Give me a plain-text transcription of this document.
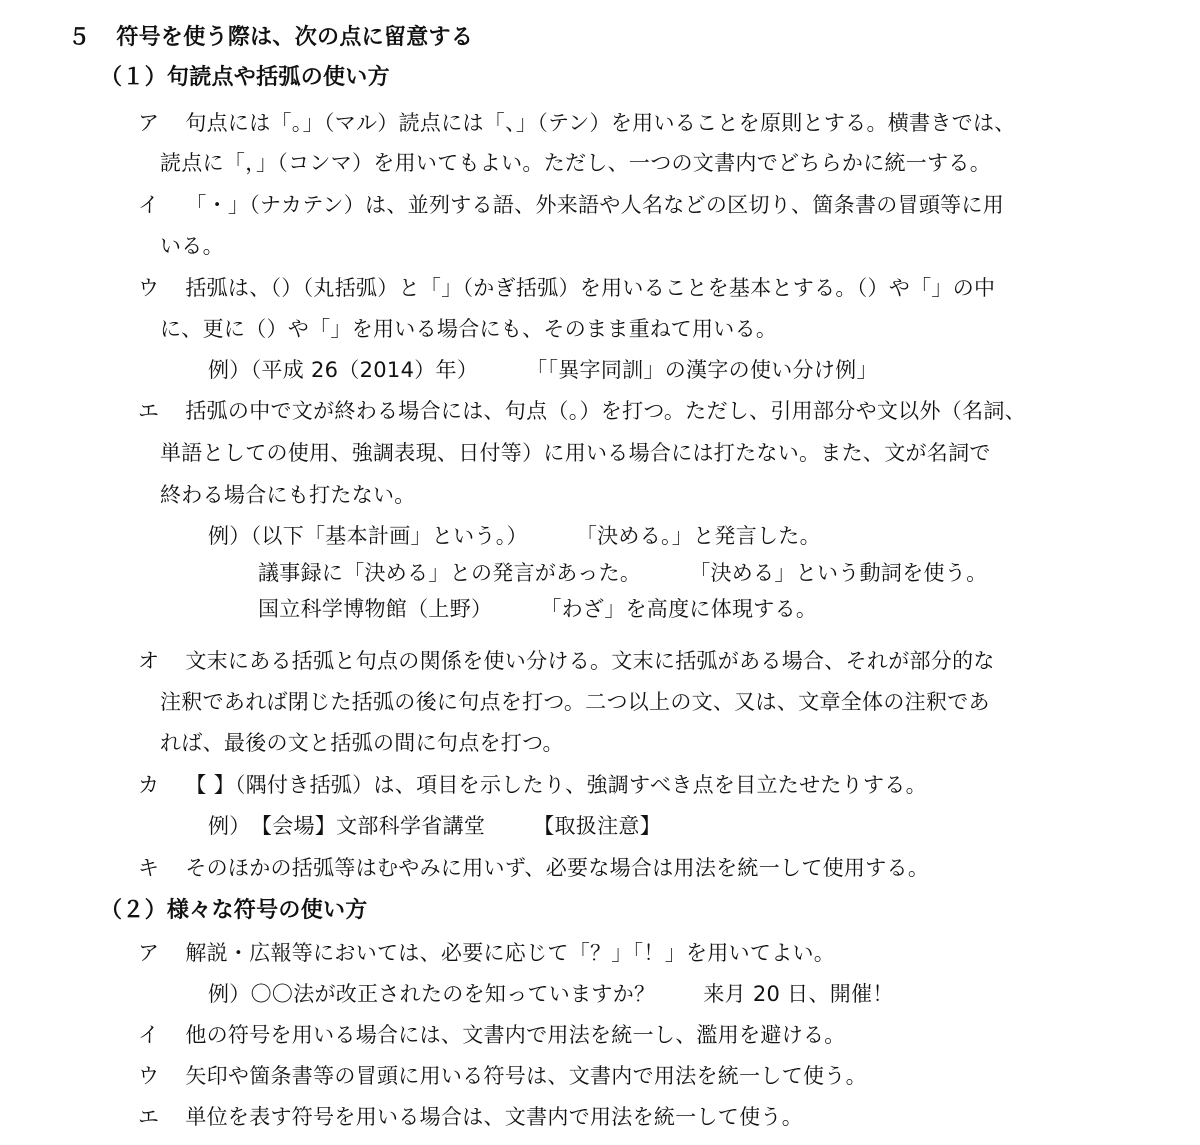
５ 符号を使う際は、次の点に留意する
（１）句読点や括弧の使い方
ア 句点には「。」（マル）読点には「、」（テン）を用いることを原則とする。横書きでは、
読点に「，」（コンマ）を用いてもよい。ただし、一つの文書内でどちらかに統一する。
イ 「・」（ナカテン）は、並列する語、外来語や人名などの区切り、箇条書の冒頭等に用
いる。
ウ 括弧は、（）（丸括弧）と「」（かぎ括弧）を用いることを基本とする。（）や「」の中
に、更に（）や「」を用いる場合にも、そのまま重ねて用いる。
例）（平成 26（2014）年） 「「異字同訓」の漢字の使い分け例」
エ 括弧の中で文が終わる場合には、句点（。）を打つ。ただし、引用部分や文以外（名詞、
単語としての使用、強調表現、日付等）に用いる場合には打たない。また、文が名詞で
終わる場合にも打たない。
例）（以下「基本計画」という。） 「決める。」と発言した。
議事録に「決める」との発言があった。 「決める」という動詞を使う。
国立科学博物館（上野） 「わざ」を高度に体現する。
オ 文末にある括弧と句点の関係を使い分ける。文末に括弧がある場合、それが部分的な
注釈であれば閉じた括弧の後に句点を打つ。二つ以上の文、又は、文章全体の注釈であ
れば、最後の文と括弧の間に句点を打つ。
カ 【 】（隅付き括弧）は、項目を示したり、強調すべき点を目立たせたりする。
例）　【会場】文部科学省講堂 【取扱注意】
キ そのほかの括弧等はむやみに用いず、必要な場合は用法を統一して使用する。
（２）様々な符号の使い方
ア 解説・広報等においては、必要に応じて「？」「！」を用いてよい。
例）〇〇法が改正されたのを知っていますか？ 来月 20 日、開催！
イ 他の符号を用いる場合には、文書内で用法を統一し、濫用を避ける。
ウ 矢印や箇条書等の冒頭に用いる符号は、文書内で用法を統一して使う。
エ 単位を表す符号を用いる場合は、文書内で用法を統一して使う。
